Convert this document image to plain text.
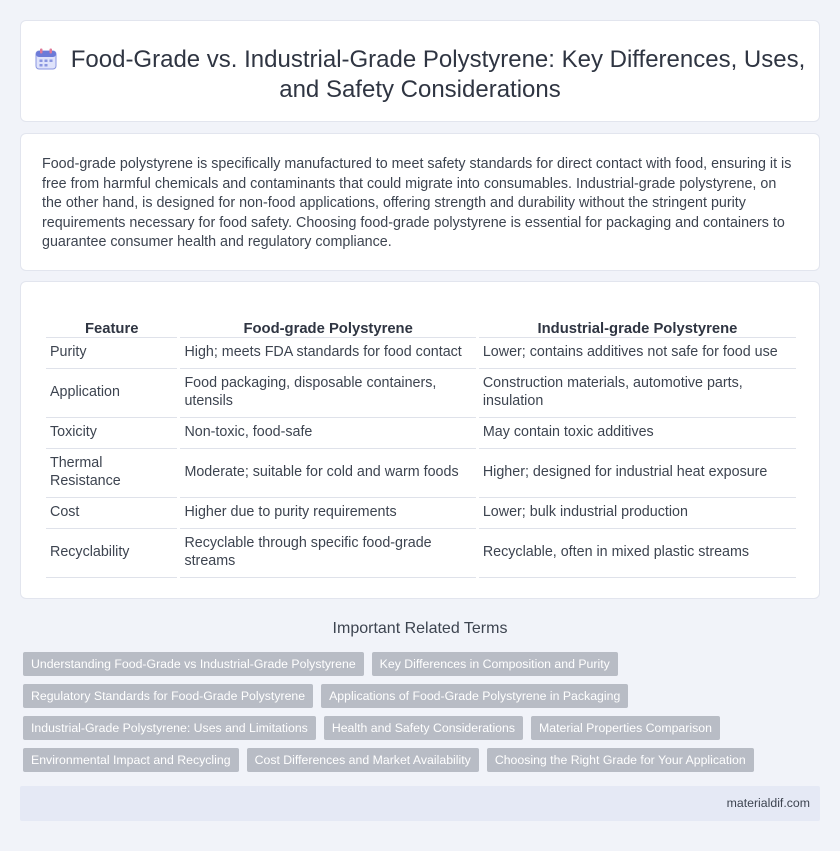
Food-Grade vs. Industrial-Grade Polystyrene: Key Differences, Uses, and Safety Considerations

Food-grade polystyrene is specifically manufactured to meet safety standards for direct contact with food, ensuring it is free from harmful chemicals and contaminants that could migrate into consumables. Industrial-grade polystyrene, on the other hand, is designed for non-food applications, offering strength and durability without the stringent purity requirements necessary for food safety. Choosing food-grade polystyrene is essential for packaging and containers to guarantee consumer health and regulatory compliance.

Feature	Food-grade Polystyrene	Industrial-grade Polystyrene
Purity	High; meets FDA standards for food contact	Lower; contains additives not safe for food use
Application	Food packaging, disposable containers, utensils	Construction materials, automotive parts, insulation
Toxicity	Non-toxic, food-safe	May contain toxic additives
Thermal Resistance	Moderate; suitable for cold and warm foods	Higher; designed for industrial heat exposure
Cost	Higher due to purity requirements	Lower; bulk industrial production
Recyclability	Recyclable through specific food-grade streams	Recyclable, often in mixed plastic streams
Important Related Terms
Understanding Food-Grade vs Industrial-Grade Polystyrene	Key Differences in Composition and Purity
Regulatory Standards for Food-Grade Polystyrene	Applications of Food-Grade Polystyrene in Packaging
Industrial-Grade Polystyrene: Uses and Limitations	Health and Safety Considerations	Material Properties Comparison
Environmental Impact and Recycling	Cost Differences and Market Availability	Choosing the Right Grade for Your Application
materialdif.com
